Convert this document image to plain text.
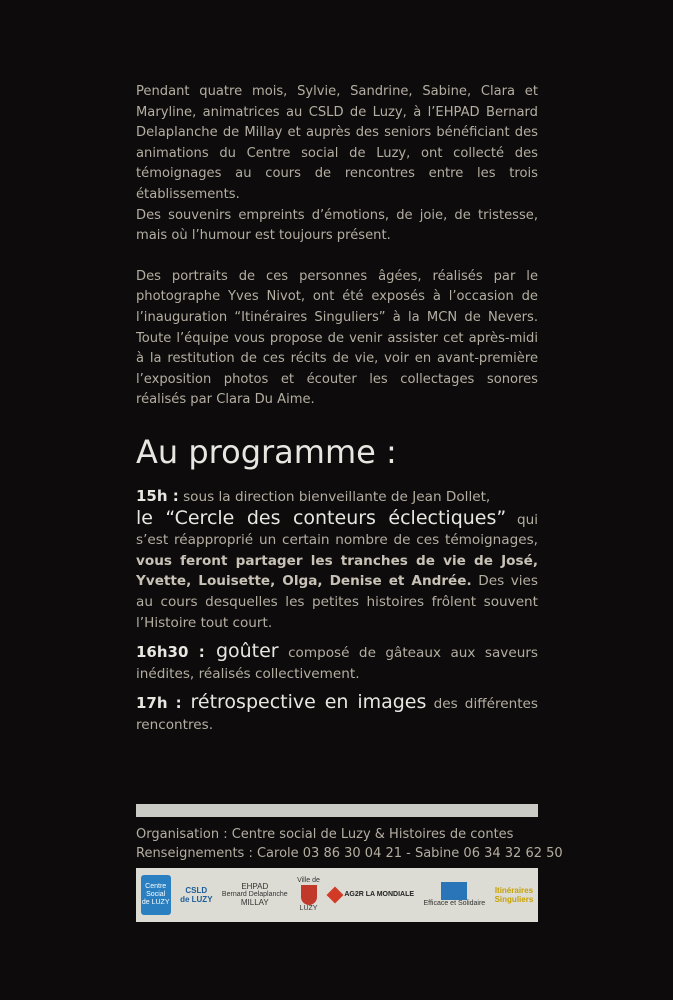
Pendant quatre mois, Sylvie, Sandrine, Sabine, Clara et Maryline, animatrices au CSLD de Luzy, à l’EHPAD Bernard Delaplanche de Millay et auprès des seniors bénéficiant des animations du Centre social de Luzy, ont collecté des témoignages au cours de rencontres entre les trois établissements.

Des souvenirs empreints d’émotions, de joie, de tristesse, mais où l’humour est toujours présent.

Des portraits de ces personnes âgées, réalisés par le photographe Yves Nivot, ont été exposés à l’occasion de l’inauguration “Itinéraires Singuliers” à la MCN de Nevers. Toute l’équipe vous propose de venir assister cet après-midi à la restitution de ces récits de vie, voir en avant-première l’exposition photos et écouter les collectages sonores réalisés par Clara Du Aime.

Au programme :

15h : sous la direction bienveillante de Jean Dollet,
le “Cercle des conteurs éclectiques” qui s’est réapproprié un certain nombre de ces témoignages, vous feront partager les tranches de vie de José, Yvette, Louisette, Olga, Denise et Andrée. Des vies au cours desquelles les petites histoires frôlent souvent l’Histoire tout court.

16h30 : goûter composé de gâteaux aux saveurs inédites, réalisés collectivement.

17h : rétrospective en images des différentes rencontres.

Organisation : Centre social de Luzy & Histoires de contes
Renseignements : Carole 03 86 30 04 21 - Sabine 06 34 32 62 50
Centre
Social
de LUZY
CSLD
de LUZY
EHPAD
Bernard Delaplanche
MILLAY
Ville de
LUZY
AG2R LA MONDIALE
Efficace et Solidaire
Itinéraires
Singuliers
